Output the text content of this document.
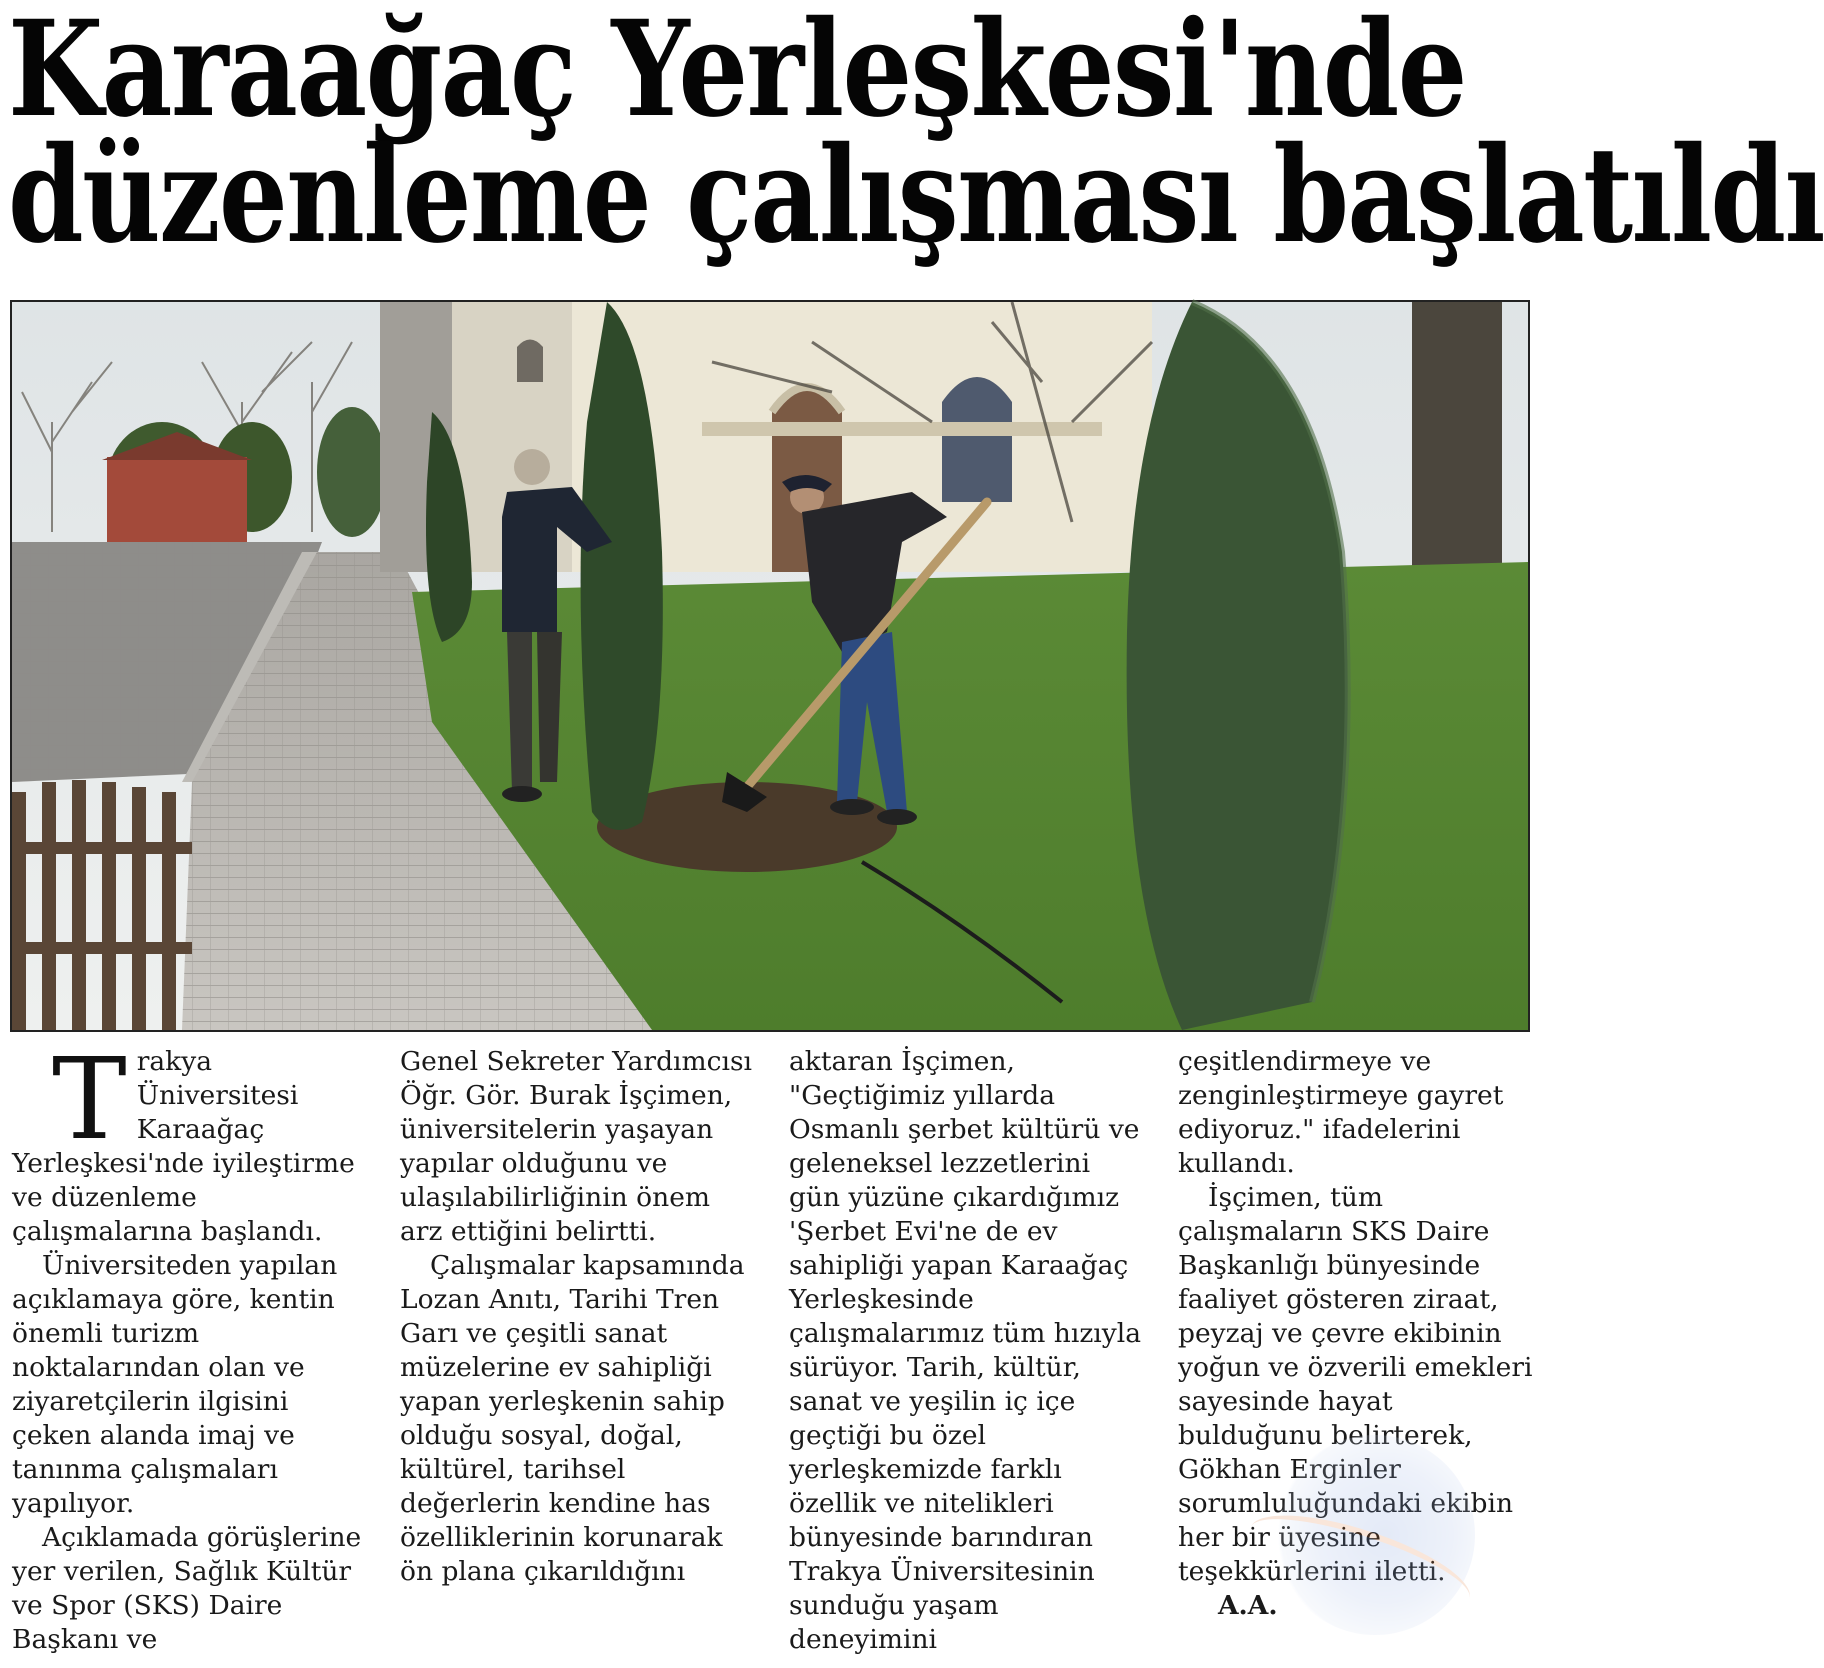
Karaağaç Yerleşkesi'nde
düzenleme çalışması başlatıldı

Trakya Üniversitesi Karaağaç Yerleşkesi'nde iyileştirme ve düzenleme çalışmalarına başlandı.

Üniversiteden yapılan açıklamaya göre, kentin önemli turizm noktalarından olan ve ziyaretçilerin ilgisini çeken alanda imaj ve tanınma çalışmaları yapılıyor.

Açıklamada görüşlerine yer verilen, Sağlık Kültür ve Spor (SKS) Daire Başkanı ve

Genel Sekreter Yardımcısı Öğr. Gör. Burak İşçimen, üniversitelerin yaşayan yapılar olduğunu ve ulaşılabilirliğinin önem arz ettiğini belirtti.

Çalışmalar kapsamında Lozan Anıtı, Tarihi Tren Garı ve çeşitli sanat müzelerine ev sahipliği yapan yerleşkenin sahip olduğu sosyal, doğal, kültürel, tarihsel değerlerin kendine has özelliklerinin korunarak ön plana çıkarıldığını

aktaran İşçimen, "Geçtiğimiz yıllarda Osmanlı şerbet kültürü ve geleneksel lezzetlerini gün yüzüne çıkardığımız 'Şerbet Evi'ne de ev sahipliği yapan Karaağaç Yerleşkesinde çalışmalarımız tüm hızıyla sürüyor. Tarih, kültür, sanat ve yeşilin iç içe geçtiği bu özel yerleşkemizde farklı özellik ve nitelikleri bünyesinde barındıran Trakya Üniversitesinin sunduğu yaşam deneyimini

çeşitlendirmeye ve zenginleştirmeye gayret ediyoruz." ifadelerini kullandı.

İşçimen, tüm çalışmaların SKS Daire Başkanlığı bünyesinde faaliyet gösteren ziraat, peyzaj ve çevre ekibinin yoğun ve özverili emekleri sayesinde hayat bulduğunu belirterek, Gökhan Erginler sorumluluğundaki ekibin her bir üyesine teşekkürlerini iletti.

A.A.
